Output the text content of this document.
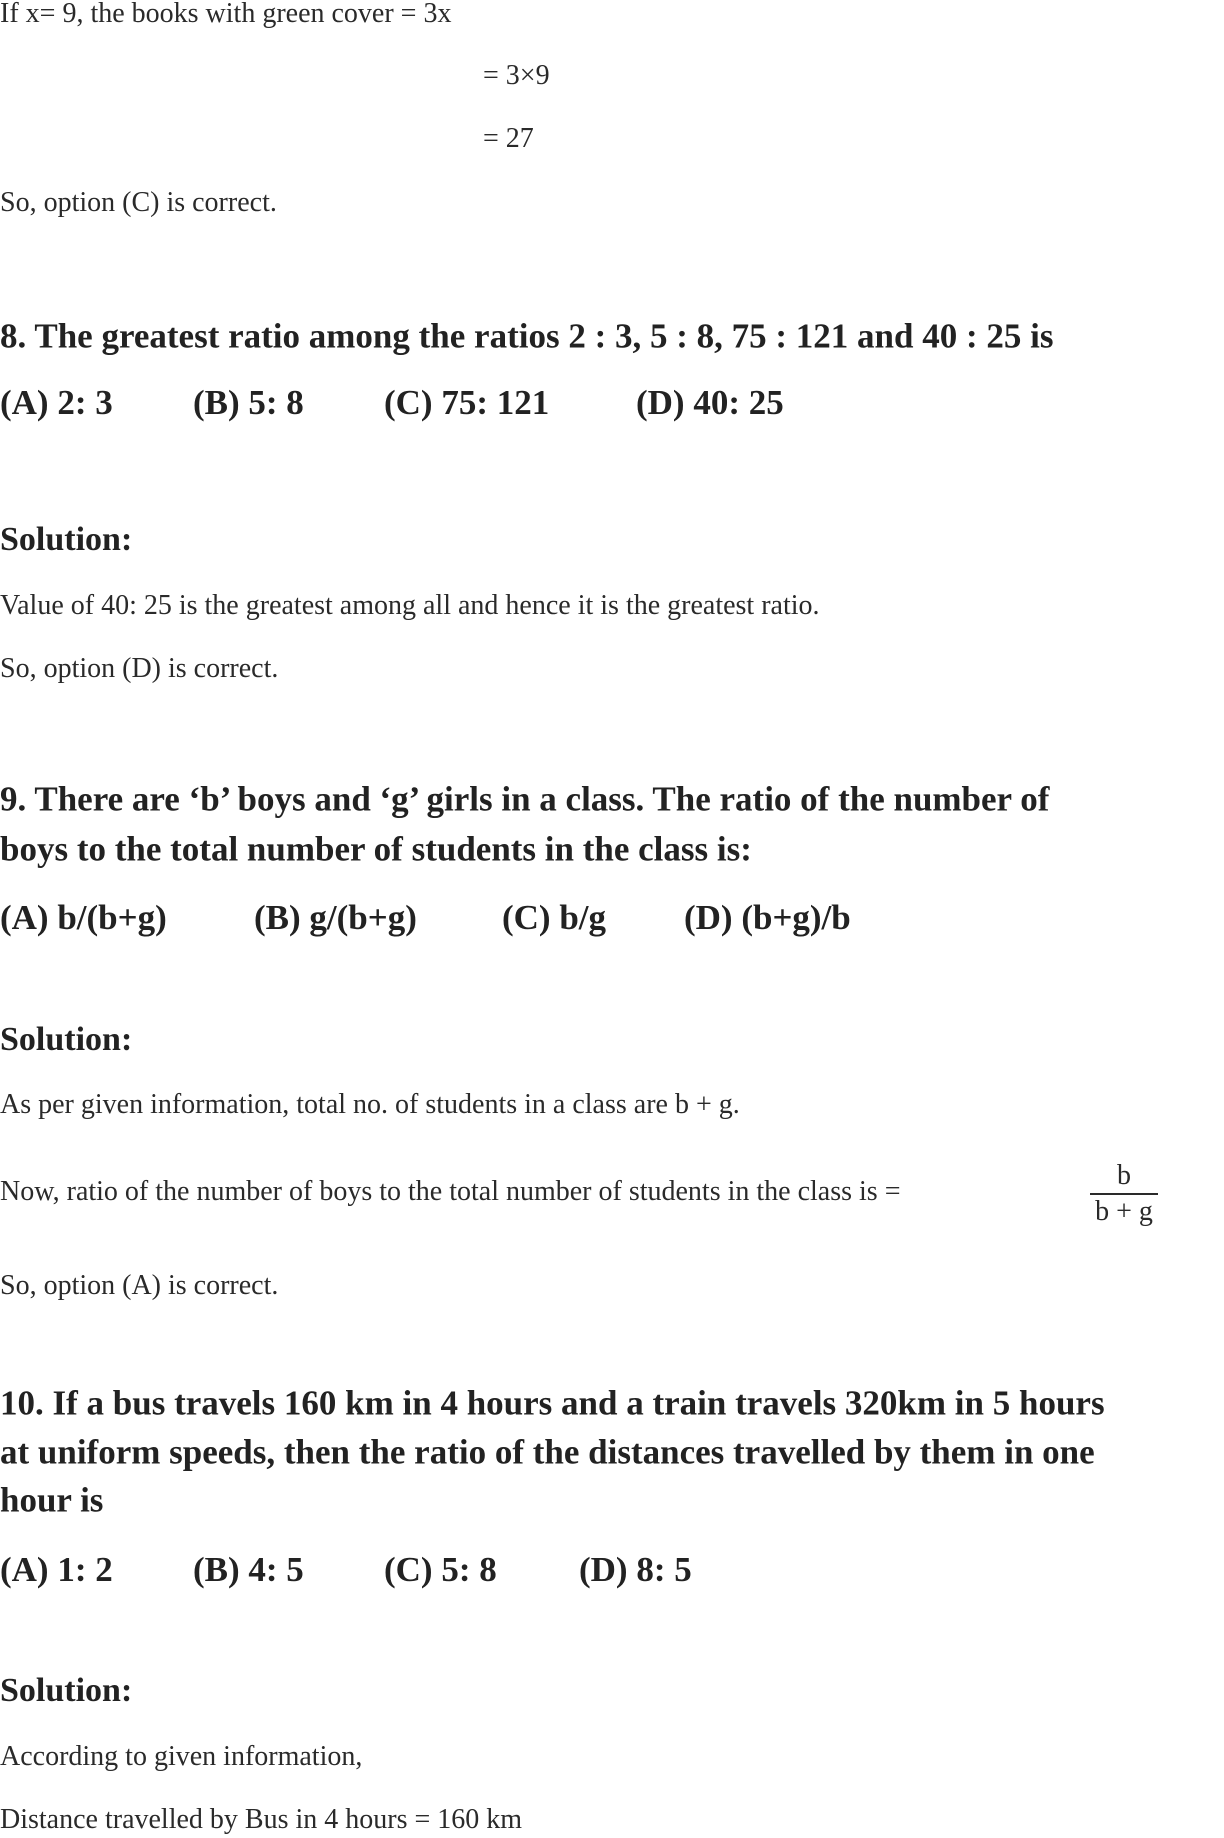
If x= 9, the books with green cover = 3x
= 3×9
= 27
So, option (C) is correct.
8. The greatest ratio among the ratios 2 : 3, 5 : 8, 75 : 121 and 40 : 25 is
(A) 2: 3 (B) 5: 8 (C) 75: 121 (D) 40: 25
Solution:
Value of 40: 25 is the greatest among all and hence it is the greatest ratio.
So, option (D) is correct.
9. There are ‘b’ boys and ‘g’ girls in a class. The ratio of the number of
boys to the total number of students in the class is:
(A) b/(b+g) (B) g/(b+g) (C) b/g (D) (b+g)/b
Solution:
As per given information, total no. of students in a class are b + g.
Now, ratio of the number of boys to the total number of students in the class is =
b
b + g
So, option (A) is correct.
10. If a bus travels 160 km in 4 hours and a train travels 320km in 5 hours
at uniform speeds, then the ratio of the distances travelled by them in one
hour is
(A) 1: 2 (B) 4: 5 (C) 5: 8 (D) 8: 5
Solution:
According to given information,
Distance travelled by Bus in 4 hours = 160 km
